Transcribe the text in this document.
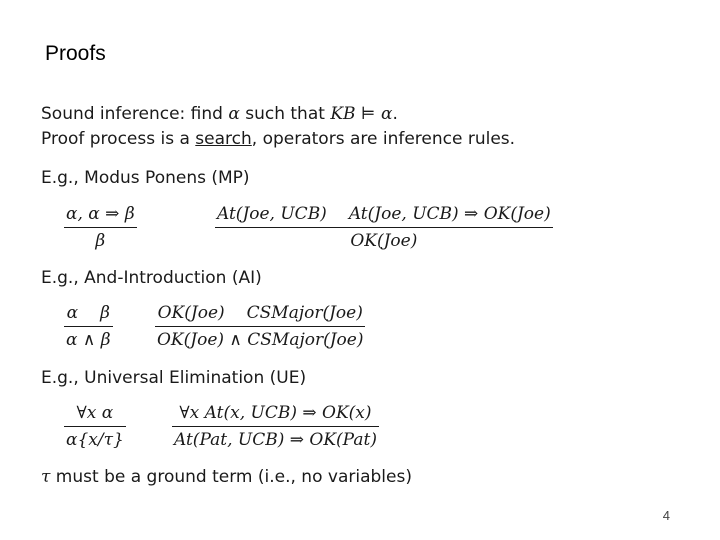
Proofs
Sound inference: find α such that KB ⊨ α.
Proof process is a search, operators are inference rules.
E.g., Modus Ponens (MP)
α, α ⇒ β
β
At(Joe, UCB) At(Joe, UCB) ⇒ OK(Joe)
OK(Joe)
E.g., And-Introduction (AI)
α β
α ∧ β
OK(Joe) CSMajor(Joe)
OK(Joe) ∧ CSMajor(Joe)
E.g., Universal Elimination (UE)
∀x α
α{x/τ}
∀x At(x, UCB) ⇒ OK(x)
At(Pat, UCB) ⇒ OK(Pat)
τ must be a ground term (i.e., no variables)
4
